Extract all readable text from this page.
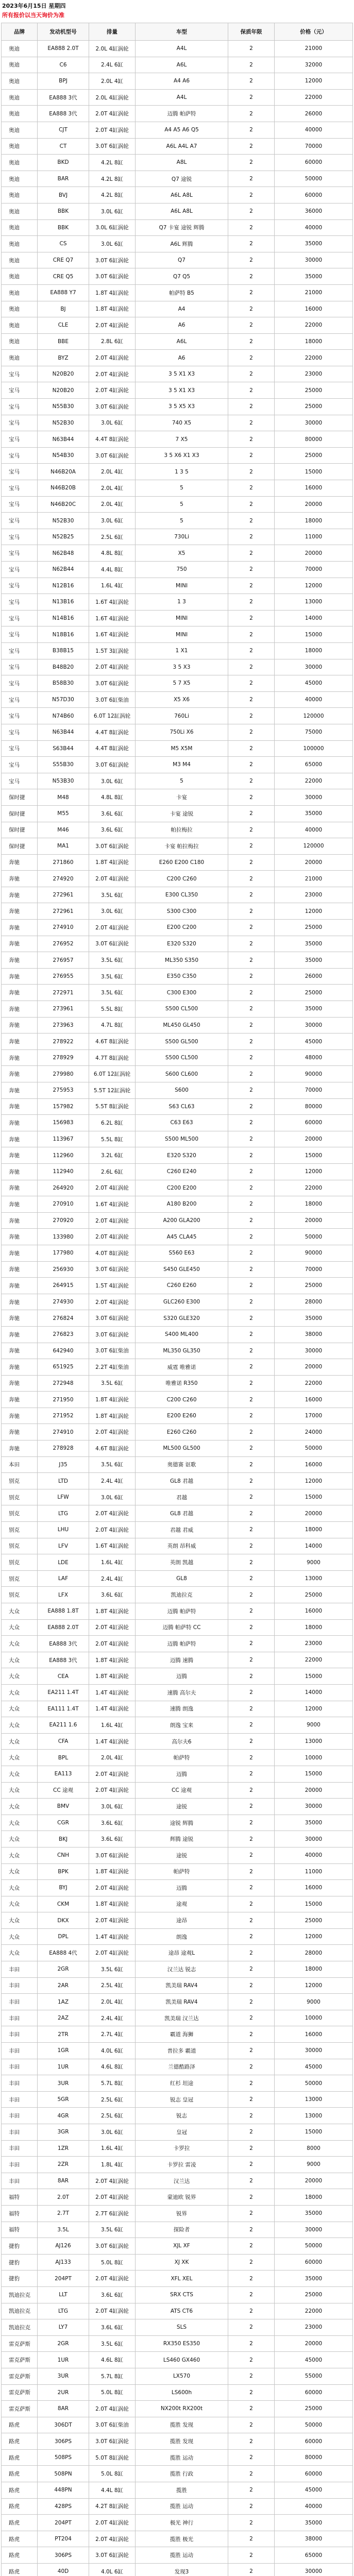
2023年6月15日 星期四
所有报价以当天询价为准
品牌	发动机型号	排量	车型	保质年限	价格（元）
奥迪	EA888 2.0T	2.0L 4缸涡轮	A4L	2	21000
奥迪	C6	2.4L 6缸	A6L	2	32000
奥迪	BPJ	2.0L 4缸	A4 A6	2	12000
奥迪	EA888 3代	2.0L 4缸涡轮	A4L	2	22000
奥迪	EA888 3代	2.0T 4缸涡轮	迈腾 帕萨特	2	26000
奥迪	CJT	2.0T 4缸涡轮	A4 A5 A6 Q5	2	40000
奥迪	CT	3.0T 6缸涡轮	A6L A4L A7	2	70000
奥迪	BKD	4.2L 8缸	A8L	2	60000
奥迪	BAR	4.2L 8缸	Q7 途锐	2	50000
奥迪	BVJ	4.2L 8缸	A6L A8L	2	60000
奥迪	BBK	3.0L 6缸	A6L A8L	2	36000
奥迪	BBK	3.0L 6缸涡轮	Q7 卡宴 途锐 辉腾	2	40000
奥迪	CS	3.0L 6缸	A6L 辉腾	2	35000
奥迪	CRE Q7	3.0T 6缸涡轮	Q7	2	30000
奥迪	CRE Q5	3.0T 6缸涡轮	Q7 Q5	2	35000
奥迪	EA888 Y7	1.8T 4缸涡轮	帕萨特 B5	2	21000
奥迪	BJ	1.8T 4缸涡轮	A4	2	16000
奥迪	CLE	2.0T 4缸涡轮	A6	2	22000
奥迪	BBE	2.8L 6缸	A6L	2	18000
奥迪	BYZ	2.0T 4缸涡轮	A6	2	22000
宝马	N20B20	2.0T 4缸涡轮	3 5 X1 X3	2	23000
宝马	N20B20	2.0T 4缸涡轮	3 5 X1 X3	2	25000
宝马	N55B30	3.0T 6缸涡轮	3 5 X5 X3	2	25000
宝马	N52B30	3.0L 6缸	740 X5	2	30000
宝马	N63B44	4.4T 8缸涡轮	7 X5	2	80000
宝马	N54B30	3.0T 6缸涡轮	3 5 X6 X1 X3	2	25000
宝马	N46B20A	2.0L 4缸	1 3 5	2	15000
宝马	N46B20B	2.0L 4缸	5	2	16000
宝马	N46B20C	2.0L 4缸	5	2	20000
宝马	N52B30	3.0L 6缸	5	2	18000
宝马	N52B25	2.5L 6缸	730Li	2	11000
宝马	N62B48	4.8L 8缸	X5	2	20000
宝马	N62B44	4.4L 8缸	750	2	70000
宝马	N12B16	1.6L 4缸	MINI	2	12000
宝马	N13B16	1.6T 4缸涡轮	1 3	2	13000
宝马	N14B16	1.6T 4缸涡轮	MINI	2	14000
宝马	N18B16	1.6T 4缸涡轮	MINI	2	15000
宝马	B38B15	1.5T 3缸涡轮	1 X1	2	18000
宝马	B48B20	2.0T 4缸涡轮	3 5 X3	2	30000
宝马	B58B30	3.0T 6缸涡轮	5 7 X5	2	45000
宝马	N57D30	3.0T 6缸柴油	X5 X6	2	40000
宝马	N74B60	6.0T 12缸涡轮	760Li	2	120000
宝马	N63B44	4.4T 8缸涡轮	750Li X6	2	75000
宝马	S63B44	4.4T 8缸涡轮	M5 X5M	2	100000
宝马	S55B30	3.0T 6缸涡轮	M3 M4	2	65000
宝马	N53B30	3.0L 6缸	5	2	22000
保时捷	M48	4.8L 8缸	卡宴	2	30000
保时捷	M55	3.6L 6缸	卡宴 途锐	2	35000
保时捷	M46	3.6L 6缸	帕拉梅拉	2	40000
保时捷	MA1	3.0T 6缸涡轮	卡宴 帕拉梅拉	2	120000
奔驰	271860	1.8T 4缸涡轮	E260 E200 C180	2	20000
奔驰	274920	2.0T 4缸涡轮	C200 C260	2	21000
奔驰	272961	3.5L 6缸	E300 CL350	2	23000
奔驰	272961	3.0L 6缸	S300 C300	2	12000
奔驰	274910	2.0T 4缸涡轮	E200 C200	2	25000
奔驰	276952	3.0T 6缸涡轮	E320 S320	2	35000
奔驰	276957	3.5L 6缸	ML350 S350	2	35000
奔驰	276955	3.5L 6缸	E350 C350	2	26000
奔驰	272971	3.5L 6缸	C300 E300	2	25000
奔驰	273961	5.5L 8缸	S500 CL500	2	35000
奔驰	273963	4.7L 8缸	ML450 GL450	2	30000
奔驰	278922	4.6T 8缸涡轮	S500 GL500	2	45000
奔驰	278929	4.7T 8缸涡轮	S500 CL500	2	48000
奔驰	279980	6.0T 12缸涡轮	S600 CL600	2	90000
奔驰	275953	5.5T 12缸涡轮	S600	2	70000
奔驰	157982	5.5T 8缸涡轮	S63 CL63	2	80000
奔驰	156983	6.2L 8缸	C63 E63	2	60000
奔驰	113967	5.5L 8缸	S500 ML500	2	20000
奔驰	112960	3.2L 6缸	E320 S320	2	15000
奔驰	112940	2.6L 6缸	C260 E240	2	12000
奔驰	264920	2.0T 4缸涡轮	C200 E200	2	22000
奔驰	270910	1.6T 4缸涡轮	A180 B200	2	18000
奔驰	270920	2.0T 4缸涡轮	A200 GLA200	2	20000
奔驰	133980	2.0T 4缸涡轮	A45 CLA45	2	50000
奔驰	177980	4.0T 8缸涡轮	S560 E63	2	90000
奔驰	256930	3.0T 6缸涡轮	S450 GLE450	2	70000
奔驰	264915	1.5T 4缸涡轮	C260 E260	2	25000
奔驰	274930	2.0T 4缸涡轮	GLC260 E300	2	28000
奔驰	276824	3.0T 6缸涡轮	S320 GLE320	2	35000
奔驰	276823	3.0T 6缸涡轮	S400 ML400	2	38000
奔驰	642940	3.0T 6缸柴油	ML350 GL350	2	30000
奔驰	651925	2.2T 4缸柴油	威霆 唯雅诺	2	20000
奔驰	272948	3.5L 6缸	唯雅诺 R350	2	22000
奔驰	271950	1.8T 4缸涡轮	C200 C260	2	16000
奔驰	271952	1.8T 4缸涡轮	E200 E260	2	17000
奔驰	274910	2.0T 4缸涡轮	E260 C260	2	24000
奔驰	278928	4.6T 8缸涡轮	ML500 GL500	2	50000
本田	J35	3.5L 6缸	奥德赛 讴歌	2	16000
别克	LTD	2.4L 4缸	GL8 君越	2	12000
别克	LFW	3.0L 6缸	君越	2	15000
别克	LTG	2.0T 4缸涡轮	GL8 君越	2	20000
别克	LHU	2.0T 4缸涡轮	君越 君威	2	18000
别克	LFV	1.6T 4缸涡轮	英朗 昂科威	2	14000
别克	LDE	1.6L 4缸	英朗 凯越	2	9000
别克	LAF	2.4L 4缸	GL8	2	13000
别克	LFX	3.6L 6缸	凯迪拉克	2	25000
大众	EA888 1.8T	1.8T 4缸涡轮	迈腾 帕萨特	2	16000
大众	EA888 2.0T	2.0T 4缸涡轮	迈腾 帕萨特 CC	2	18000
大众	EA888 3代	2.0T 4缸涡轮	迈腾 帕萨特	2	23000
大众	EA888 3代	1.8T 4缸涡轮	迈腾 速腾	2	22000
大众	CEA	1.8T 4缸涡轮	迈腾	2	15000
大众	EA211 1.4T	1.4T 4缸涡轮	速腾 高尔夫	2	14000
大众	EA111 1.4T	1.4T 4缸涡轮	速腾 朗逸	2	12000
大众	EA211 1.6	1.6L 4缸	朗逸 宝来	2	9000
大众	CFA	1.4T 4缸涡轮	高尔夫6	2	13000
大众	BPL	2.0L 4缸	帕萨特	2	10000
大众	EA113	2.0T 4缸涡轮	迈腾	2	15000
大众	CC 途观	2.0T 4缸涡轮	CC 途观	2	20000
大众	BMV	3.0L 6缸	途锐	2	30000
大众	CGR	3.6L 6缸	途锐 辉腾	2	35000
大众	BKJ	3.6L 6缸	辉腾 途锐	2	30000
大众	CNH	3.0T 6缸涡轮	途锐	2	40000
大众	BPK	1.8T 4缸涡轮	帕萨特	2	11000
大众	BYJ	2.0T 4缸涡轮	迈腾	2	16000
大众	CKM	1.8T 4缸涡轮	途观	2	15000
大众	DKX	2.0T 4缸涡轮	途昂	2	25000
大众	DPL	1.4T 4缸涡轮	朗逸	2	12000
大众	EA888 4代	2.0T 4缸涡轮	途昂 途观L	2	28000
丰田	2GR	3.5L 6缸	汉兰达 锐志	2	18000
丰田	2AR	2.5L 4缸	凯美瑞 RAV4	2	12000
丰田	1AZ	2.0L 4缸	凯美瑞 RAV4	2	9000
丰田	2AZ	2.4L 4缸	凯美瑞 汉兰达	2	10000
丰田	2TR	2.7L 4缸	霸道 海狮	2	16000
丰田	1GR	4.0L 6缸	普拉多 霸道	2	30000
丰田	1UR	4.6L 8缸	兰德酷路泽	2	45000
丰田	3UR	5.7L 8缸	红杉 坦途	2	50000
丰田	5GR	2.5L 6缸	锐志 皇冠	2	13000
丰田	4GR	2.5L 6缸	锐志	2	13000
丰田	3GR	3.0L 6缸	皇冠	2	15000
丰田	1ZR	1.6L 4缸	卡罗拉	2	8000
丰田	2ZR	1.8L 4缸	卡罗拉 雷凌	2	9000
丰田	8AR	2.0T 4缸涡轮	汉兰达	2	20000
福特	2.0T	2.0T 4缸涡轮	蒙迪欧 锐界	2	18000
福特	2.7T	2.7T 6缸涡轮	锐界	2	35000
福特	3.5L	3.5L 6缸	探险者	2	30000
捷豹	AJ126	3.0T 6缸涡轮	XJL XF	2	50000
捷豹	AJ133	5.0L 8缸	XJ XK	2	60000
捷豹	204PT	2.0T 4缸涡轮	XFL XEL	2	35000
凯迪拉克	LLT	3.6L 6缸	SRX CTS	2	25000
凯迪拉克	LTG	2.0T 4缸涡轮	ATS CT6	2	22000
凯迪拉克	LY7	3.6L 6缸	SLS	2	23000
雷克萨斯	2GR	3.5L 6缸	RX350 ES350	2	20000
雷克萨斯	1UR	4.6L 8缸	LS460 GX460	2	45000
雷克萨斯	3UR	5.7L 8缸	LX570	2	55000
雷克萨斯	2UR	5.0L 8缸	LS600h	2	60000
雷克萨斯	8AR	2.0T 4缸涡轮	NX200t RX200t	2	25000
路虎	306DT	3.0T 6缸柴油	揽胜 发现	2	50000
路虎	306PS	3.0T 6缸涡轮	揽胜 发现	2	60000
路虎	508PS	5.0T 8缸涡轮	揽胜 运动	2	80000
路虎	508PN	5.0L 8缸	揽胜 行政	2	60000
路虎	448PN	4.4L 8缸	揽胜	2	45000
路虎	428PS	4.2T 8缸涡轮	揽胜 运动	2	40000
路虎	204PT	2.0T 4缸涡轮	极光 神行	2	35000
路虎	PT204	2.0T 4缸涡轮	揽胜 极光	2	38000
路虎	306PS	3.0T 6缸涡轮	揽胜 运动	2	65000
路虎	40D	4.0L 6缸	发现3	2	30000
